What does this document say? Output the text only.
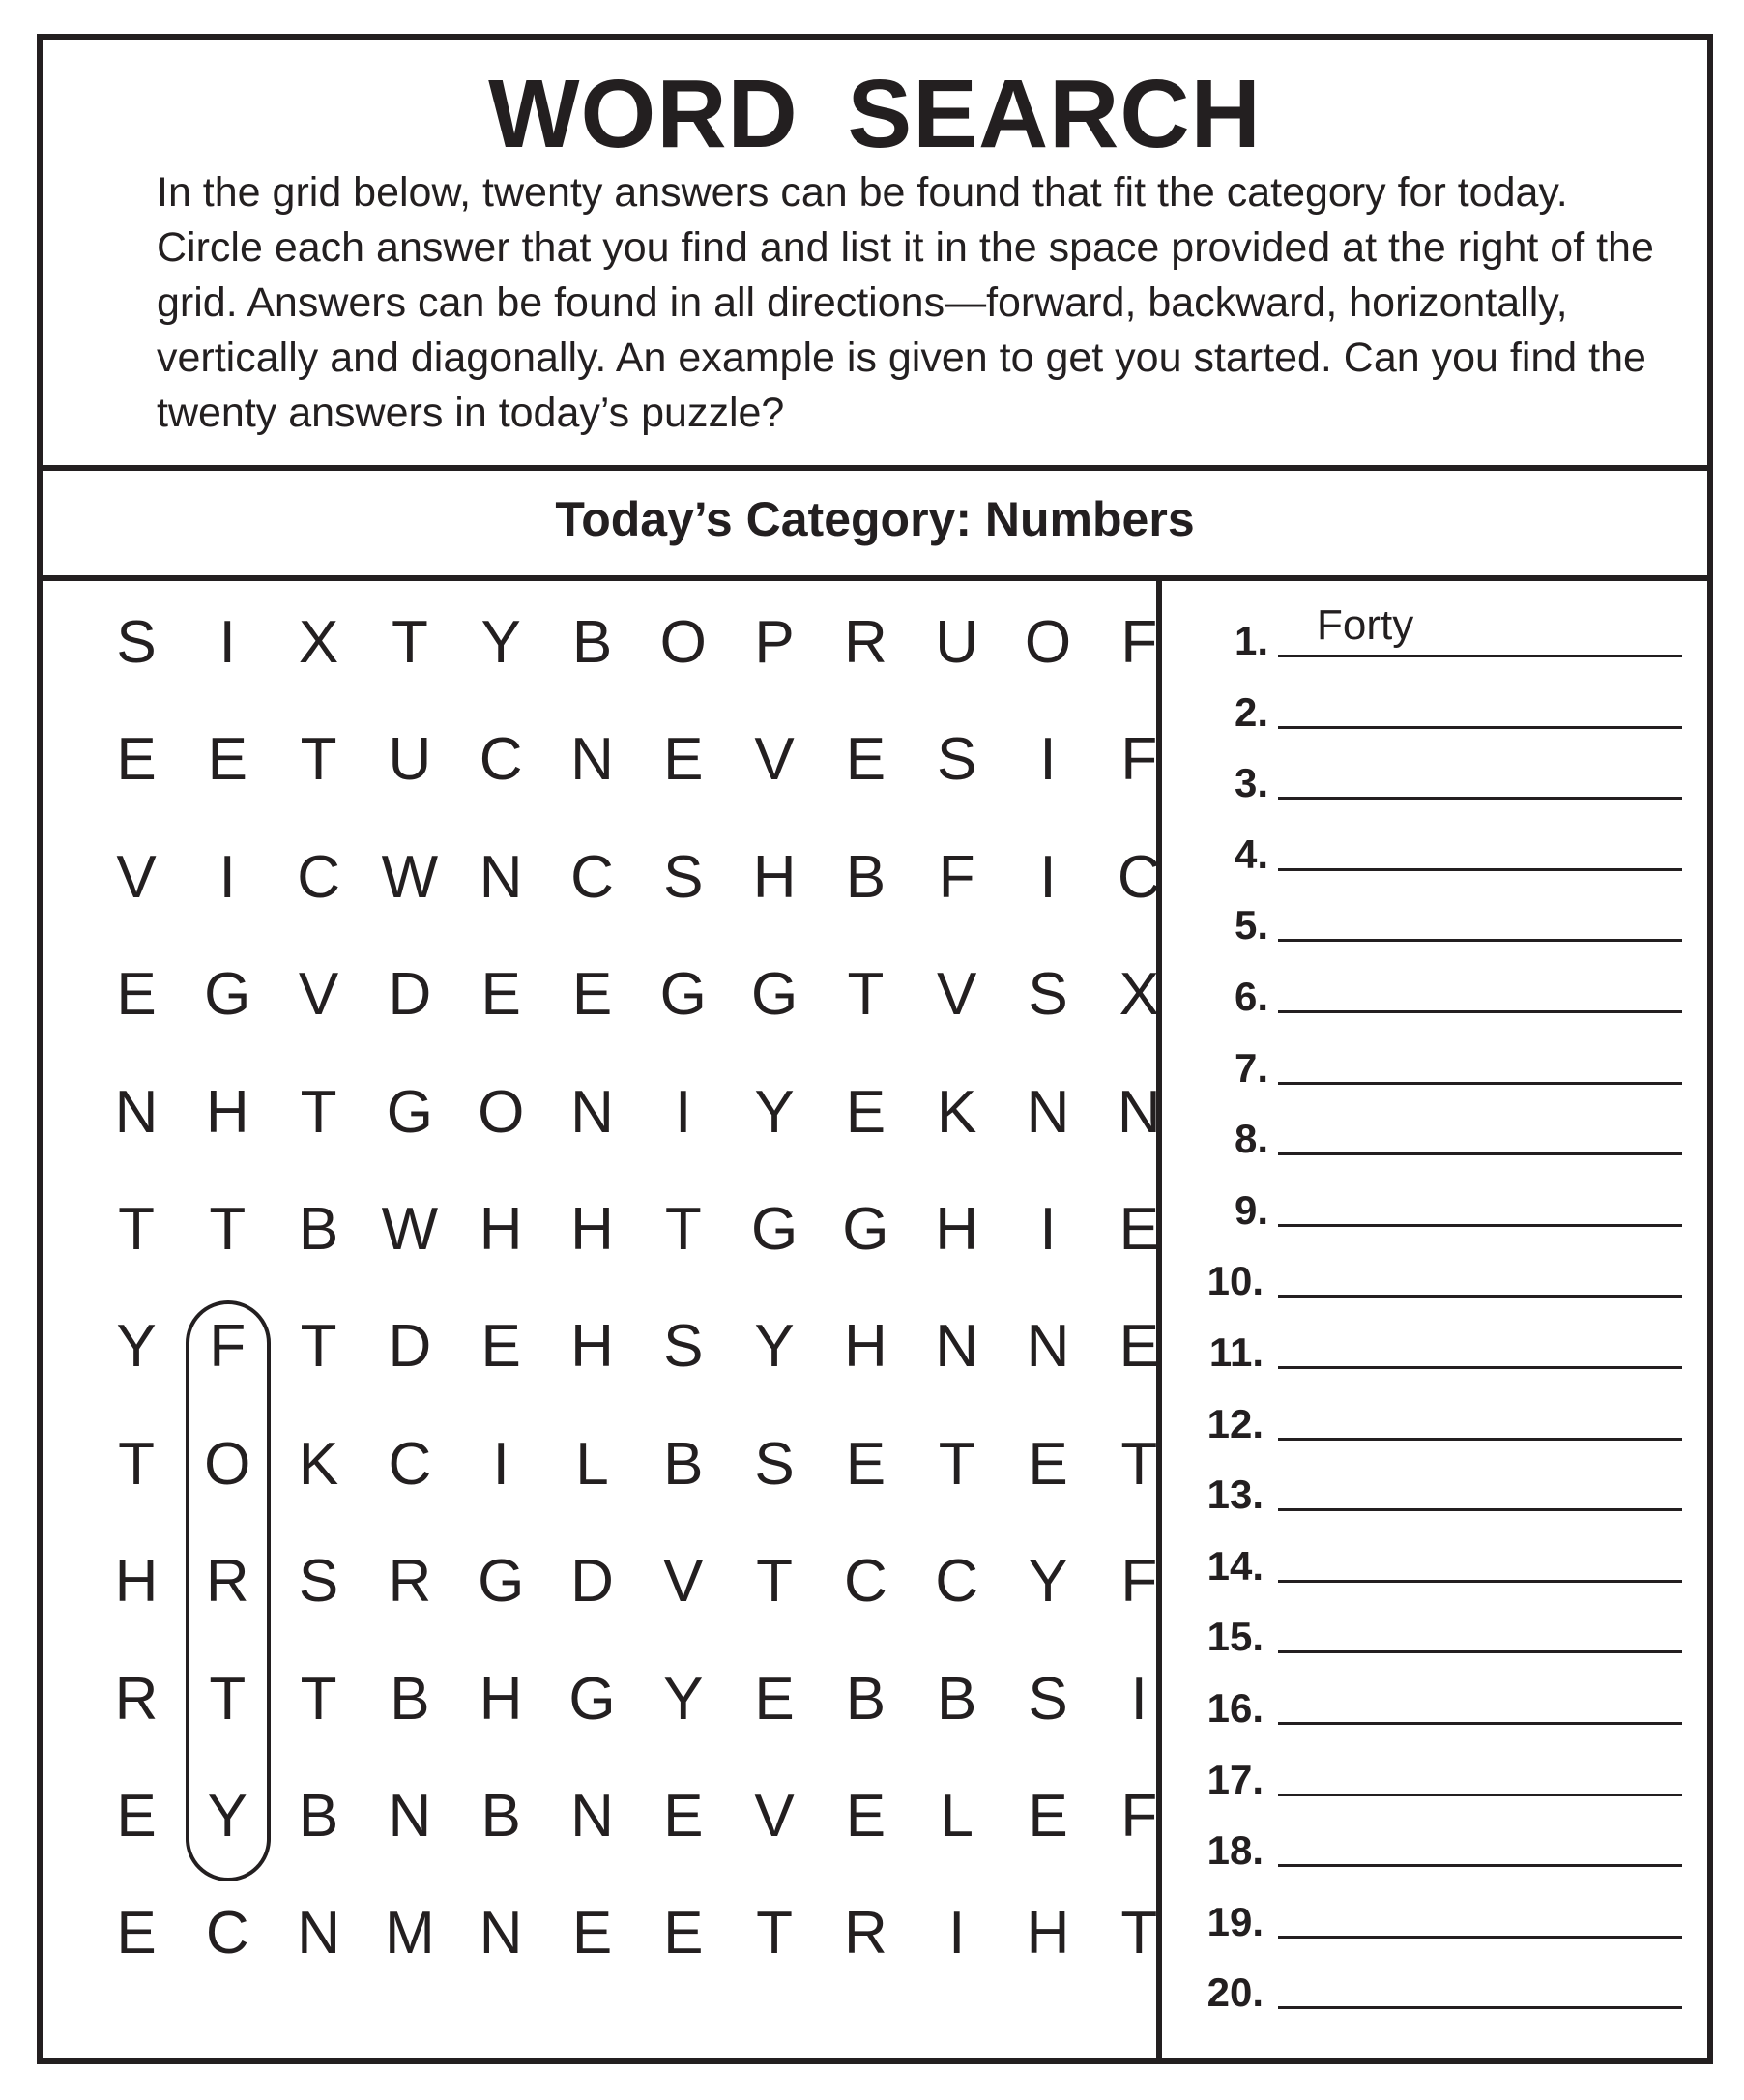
WORD SEARCH

In the grid below, twenty answers can be found that fit the category for today. Circle each answer that you find and list it in the space provided at the right of the grid. Answers can be found in all directions—forward, backward, horizontally, vertically and diagonally. An example is given to get you started. Can you find the twenty answers in today’s puzzle?

Today’s Category: Numbers
S	I	X T Y B O P R U O F
E E T U C N E V E S	I	F
V	I	C W N C S H B F	I	C
E G V D E E G G T V S X
N H T G O N	I	Y E K N N
T T B W H H T G G H	I	E
Y F T D E H S Y H N N E
T O K C	I	L B S E T E T
H R S R G D V T C C Y F
R T T B H G Y E B B S	I
E Y B N B N E V E L E F
E C N M N E E T R	I	H T
1. Forty
2.
3.
4.
5.
6.
7.
8.
9.
10.
11.
12.
13.
14.
15.
16.
17.
18.
19.
20.
